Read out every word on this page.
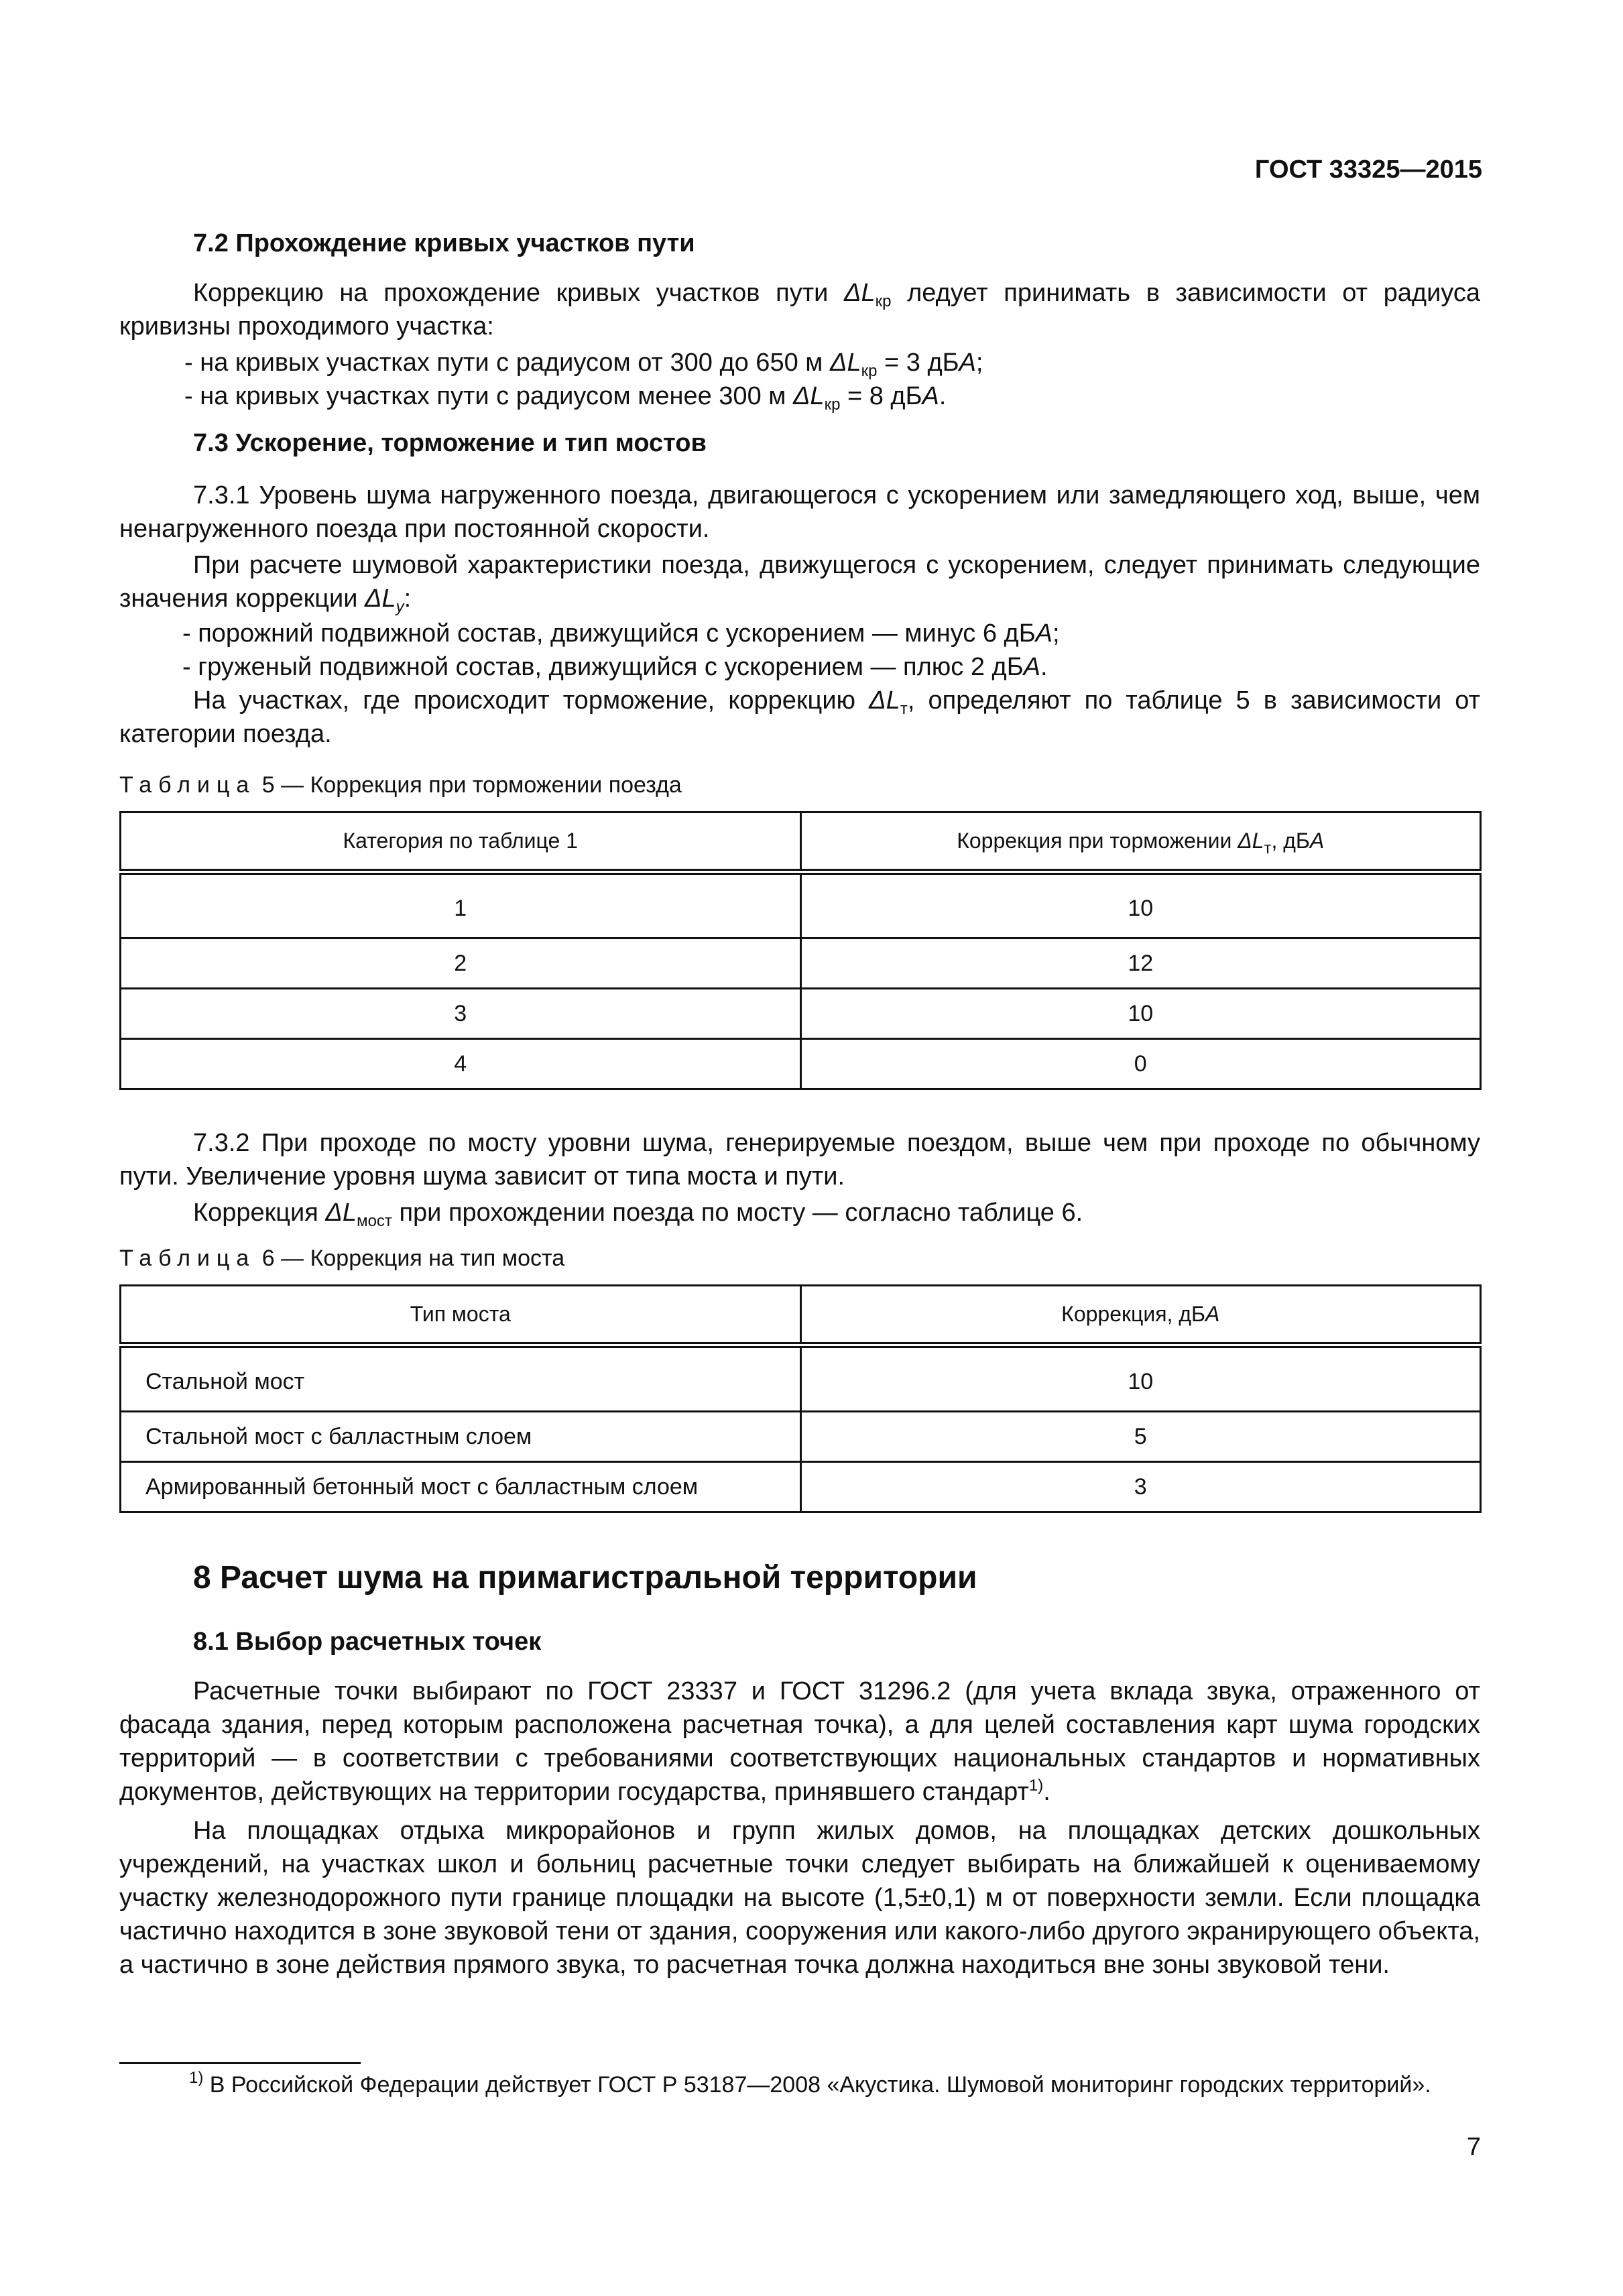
ГОСТ 33325—2015
7.2 Прохождение кривых участков пути
Коррекцию на прохождение кривых участков пути $\Delta L_{кр}$ ледует принимать в зависимости от радиуса кривизны проходимого участка:
- на кривых участках пути с радиусом от 300 до 650 м $\Delta L_{кр} = 3$ дБA;
- на кривых участках пути с радиусом менее 300 м $\Delta L_{кр} = 8$ дБA.
7.3 Ускорение, торможение и тип мостов
7.3.1 Уровень шума нагруженного поезда, двигающегося с ускорением или замедляющего ход, выше, чем ненагруженного поезда при постоянной скорости.
При расчете шумовой характеристики поезда, движущегося с ускорением, следует принимать следующие значения коррекции $\Delta L_у$:
- порожний подвижной состав, движущийся с ускорением — минус 6 дБA;
- груженый подвижной состав, движущийся с ускорением — плюс 2 дБA.
На участках, где происходит торможение, коррекцию $\Delta L_т$, определяют по таблице 5 в зависимости от категории поезда.
Таблица 5 — Коррекция при торможении поезда
Категория по таблице 1	Коррекция при торможении $\Delta L_т$, дБA
1	10
2	12
3	10
4	0
7.3.2 При проходе по мосту уровни шума, генерируемые поездом, выше чем при проходе по обычному пути. Увеличение уровня шума зависит от типа моста и пути.
Коррекция $\Delta L_{мост}$ при прохождении поезда по мосту — согласно таблице 6.
Таблица 6 — Коррекция на тип моста
Тип моста	Коррекция, дБA
Стальной мост	10
Стальной мост с балластным слоем	5
Армированный бетонный мост с балластным слоем	3
8 Расчет шума на примагистральной территории
8.1 Выбор расчетных точек
Расчетные точки выбирают по ГОСТ 23337 и ГОСТ 31296.2 (для учета вклада звука, отраженного от фасада здания, перед которым расположена расчетная точка), а для целей составления карт шума городских территорий — в соответствии с требованиями соответствующих национальных стандартов и нормативных документов, действующих на территории государства, принявшего стандарт$^{1)}$.
На площадках отдыха микрорайонов и групп жилых домов, на площадках детских дошкольных учреждений, на участках школ и больниц расчетные точки следует выбирать на ближайшей к оцениваемому участку железнодорожного пути границе площадки на высоте (1,5±0,1) м от поверхности земли. Если площадка частично находится в зоне звуковой тени от здания, сооружения или какого-либо другого экранирующего объекта, а частично в зоне действия прямого звука, то расчетная точка должна находиться вне зоны звуковой тени.
$^{1)}$ В Российской Федерации действует ГОСТ Р 53187—2008 «Акустика. Шумовой мониторинг городских территорий».
7
